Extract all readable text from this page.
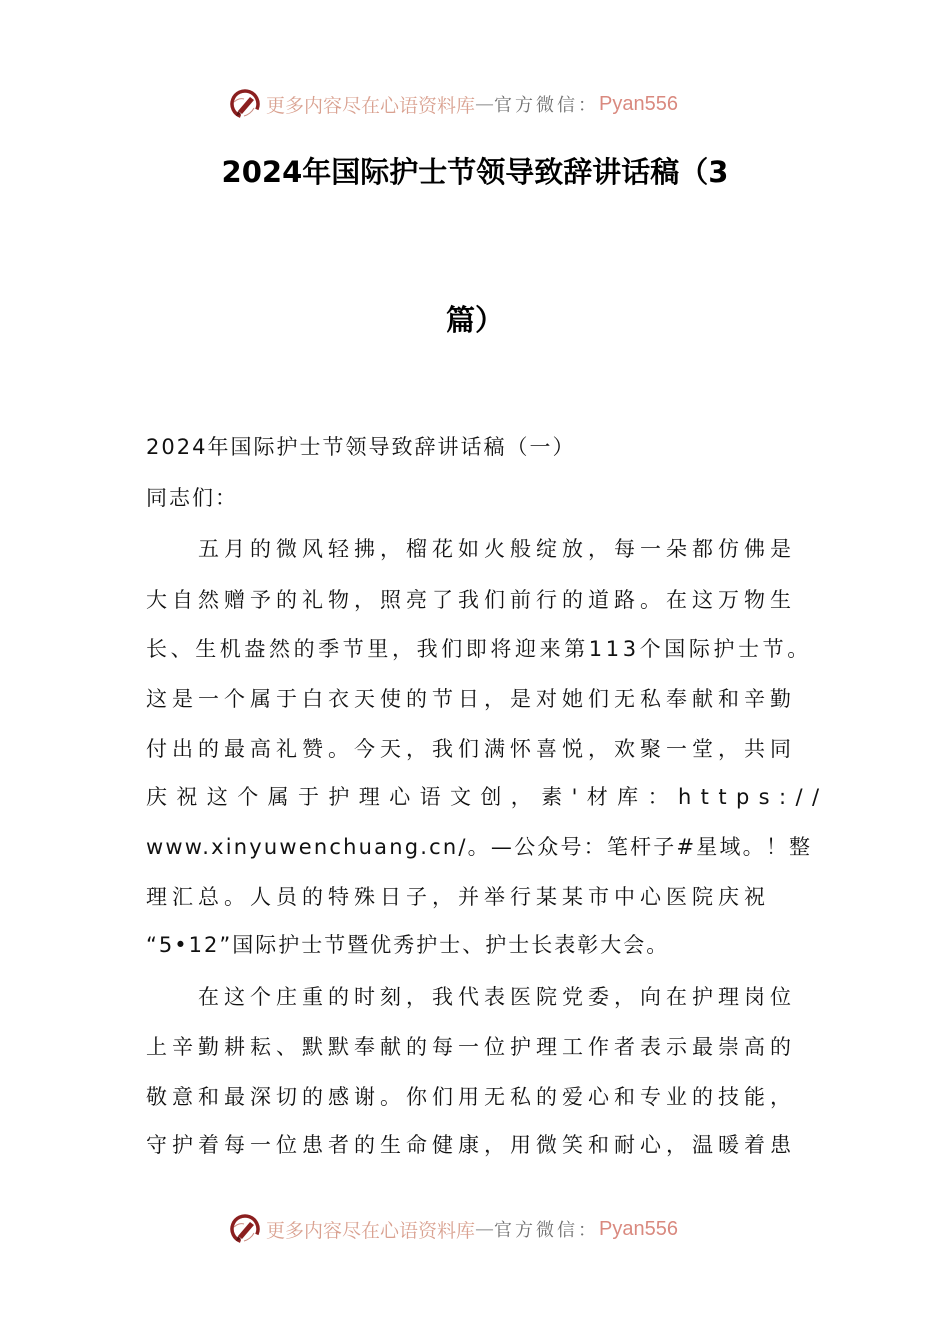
更多内容尽在心语资料库 — 官方微信： Pyan556
2024年国际护士节领导致辞讲话稿（3
篇）
2024年国际护士节领导致辞讲话稿（一）
同志们：
五月的微风轻拂，榴花如火般绽放，每一朵都仿佛是
大自然赠予的礼物，照亮了我们前行的道路。在这万物生
长、生机盎然的季节里，我们即将迎来第113个国际护士节。
这是一个属于白衣天使的节日，是对她们无私奉献和辛勤
付出的最高礼赞。今天，我们满怀喜悦，欢聚一堂，共同
庆祝这个属于护理心语文创，素'材库：https://
www.xinyuwenchuang.cn/。—公众号：笔杆子#星域。！整
理汇总。人员的特殊日子，并举行某某市中心医院庆祝
“5•12”国际护士节暨优秀护士、护士长表彰大会。
在这个庄重的时刻，我代表医院党委，向在护理岗位
上辛勤耕耘、默默奉献的每一位护理工作者表示最崇高的
敬意和最深切的感谢。你们用无私的爱心和专业的技能，
守护着每一位患者的生命健康，用微笑和耐心，温暖着患
更多内容尽在心语资料库 — 官方微信： Pyan556
